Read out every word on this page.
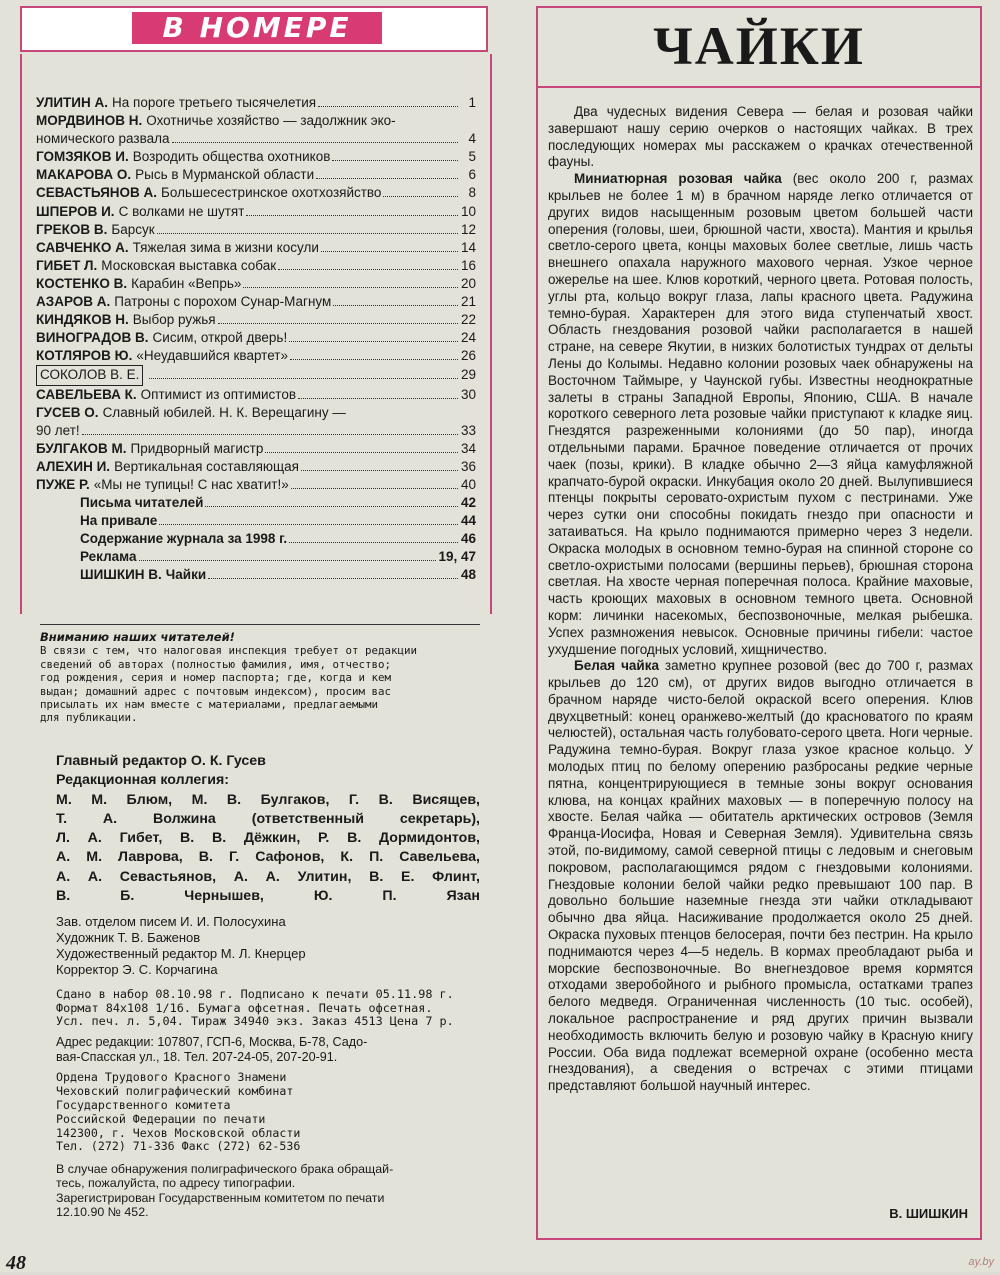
В НОМЕРЕ
УЛИТИН А. На пороге третьего тысячелетия	1
МОРДВИНОВ Н. Охотничье хозяйство — задолжник эко-
номического развала	4
ГОМЗЯКОВ И. Возродить общества охотников	5
МАКАРОВА О. Рысь в Мурманской области	6
СЕВАСТЬЯНОВ А. Большесестринское охотхозяйство	8
ШПЕРОВ И. С волками не шутят	10
ГРЕКОВ В. Барсук	12
САВЧЕНКО А. Тяжелая зима в жизни косули	14
ГИБЕТ Л. Московская выставка собак	16
КОСТЕНКО В. Карабин «Вепрь»	20
АЗАРОВ А. Патроны с порохом Сунар-Магнум	21
КИНДЯКОВ Н. Выбор ружья	22
ВИНОГРАДОВ В. Сисим, открой дверь!	24
КОТЛЯРОВ Ю. «Неудавшийся квартет»	26
СОКОЛОВ В. Е.	29
САВЕЛЬЕВА К. Оптимист из оптимистов	30
ГУСЕВ О. Славный юбилей. Н. К. Верещагину —
90 лет!	33
БУЛГАКОВ М. Придворный магистр	34
АЛЕХИН И. Вертикальная составляющая	36
ПУЖЕ Р. «Мы не тупицы! С нас хватит!»	40
Письма читателей	42
На привале	44
Содержание журнала за 1998 г.	46
Реклама	19, 47
ШИШКИН В. Чайки	48
Вниманию наших читателей!
В связи с тем, что налоговая инспекция требует от редакции
сведений об авторах (полностью фамилия, имя, отчество;
год рождения, серия и номер паспорта; где, когда и кем
выдан; домашний адрес с почтовым индексом), просим вас
присылать их нам вместе с материалами, предлагаемыми
для публикации.
Главный редактор О. К. Гусев
Редакционная коллегия:
М. М. Блюм, М. В. Булгаков, Г. В. Висящев,
Т. А. Волжина (ответственный секретарь),
Л. А. Гибет, В. В. Дёжкин, Р. В. Дормидонтов,
А. М. Лаврова, В. Г. Сафонов, К. П. Савельева,
А. А. Севастьянов, А. А. Улитин, В. Е. Флинт,
В. Б. Чернышев, Ю. П. Язан
Зав. отделом писем И. И. Полосухина
Художник Т. В. Баженов
Художественный редактор М. Л. Кнерцер
Корректор Э. С. Корчагина
Сдано в набор 08.10.98 г. Подписано к печати 05.11.98 г.
Формат 84х108 1/16. Бумага офсетная. Печать офсетная.
Усл. печ. л. 5,04. Тираж 34940 экз. Заказ 4513 Цена 7 р.
Адрес редакции: 107807, ГСП-6, Москва, Б-78, Садо-
вая-Спасская ул., 18. Тел. 207-24-05, 207-20-91.
Ордена Трудового Красного Знамени
Чеховский полиграфический комбинат
Государственного комитета
Российской Федерации по печати
142300, г. Чехов Московской области
Тел. (272) 71-336 Факс (272) 62-536
В случае обнаружения полиграфического брака обращай-
тесь, пожалуйста, по адресу типографии.
Зарегистрирован Государственным комитетом по печати
12.10.90 № 452.
48
ЧАЙКИ

Два чудесных видения Севера — белая и розовая чайки завершают нашу серию очерков о настоящих чайках. В трех последующих номерах мы расскажем о крачках отечественной фауны.

Миниатюрная розовая чайка (вес около 200 г, размах крыльев не более 1 м) в брачном наряде легко отличается от других видов насыщенным розовым цветом большей части оперения (головы, шеи, брюшной части, хвоста). Мантия и крылья светло-серого цвета, концы маховых более светлые, лишь часть внешнего опахала наружного махового черная. Узкое черное ожерелье на шее. Клюв короткий, черного цвета. Ротовая полость, углы рта, кольцо вокруг глаза, лапы красного цвета. Радужина темно-бурая. Характерен для этого вида ступенчатый хвост. Область гнездования розовой чайки располагается в нашей стране, на севере Якутии, в низких болотистых тундрах от дельты Лены до Колымы. Недавно колонии розовых чаек обнаружены на Восточном Таймыре, у Чаунской губы. Известны неоднократные залеты в страны Западной Европы, Японию, США. В начале короткого северного лета розовые чайки приступают к кладке яиц. Гнездятся разреженными колониями (до 50 пар), иногда отдельными парами. Брачное поведение отличается от прочих чаек (позы, крики). В кладке обычно 2—3 яйца камуфляжной крапчато-бурой окраски. Инкубация около 20 дней. Вылупившиеся птенцы покрыты серовато-охристым пухом с пестринами. Уже через сутки они способны покидать гнездо при опасности и затаиваться. На крыло поднимаются примерно через 3 недели. Окраска молодых в основном темно-бурая на спинной стороне со светло-охристыми полосами (вершины перьев), брюшная сторона светлая. На хвосте черная поперечная полоса. Крайние маховые, часть кроющих маховых в основном темного цвета. Основной корм: личинки насекомых, беспозвоночные, мелкая рыбешка. Успех размножения невысок. Основные причины гибели: частое ухудшение погодных условий, хищничество.

Белая чайка заметно крупнее розовой (вес до 700 г, размах крыльев до 120 см), от других видов выгодно отличается в брачном наряде чисто-белой окраской всего оперения. Клюв двухцветный: конец оранжево-желтый (до красноватого по краям челюстей), остальная часть голубовато-серого цвета. Ноги черные. Радужина темно-бурая. Вокруг глаза узкое красное кольцо. У молодых птиц по белому оперению разбросаны редкие черные пятна, концентрирующиеся в темные зоны вокруг основания клюва, на концах крайних маховых — в поперечную полосу на хвосте. Белая чайка — обитатель арктических островов (Земля Франца-Иосифа, Новая и Северная Земля). Удивительна связь этой, по-видимому, самой северной птицы с ледовым и снеговым покровом, располагающимся рядом с гнездовыми колониями. Гнездовые колонии белой чайки редко превышают 100 пар. В довольно большие наземные гнезда эти чайки откладывают обычно два яйца. Насиживание продолжается около 25 дней. Окраска пуховых птенцов белосерая, почти без пестрин. На крыло поднимаются через 4—5 недель. В кормах преобладают рыба и морские беспозвоночные. Во внегнездовое время кормятся отходами зверобойного и рыбного промысла, остатками трапез белого медведя. Ограниченная численность (10 тыс. особей), локальное распространение и ряд других причин вызвали необходимость включить белую и розовую чайку в Красную книгу России. Оба вида подлежат всемерной охране (особенно места гнездования), а сведения о встречах с этими птицами представляют большой научный интерес.

В. ШИШКИН
ay.by
